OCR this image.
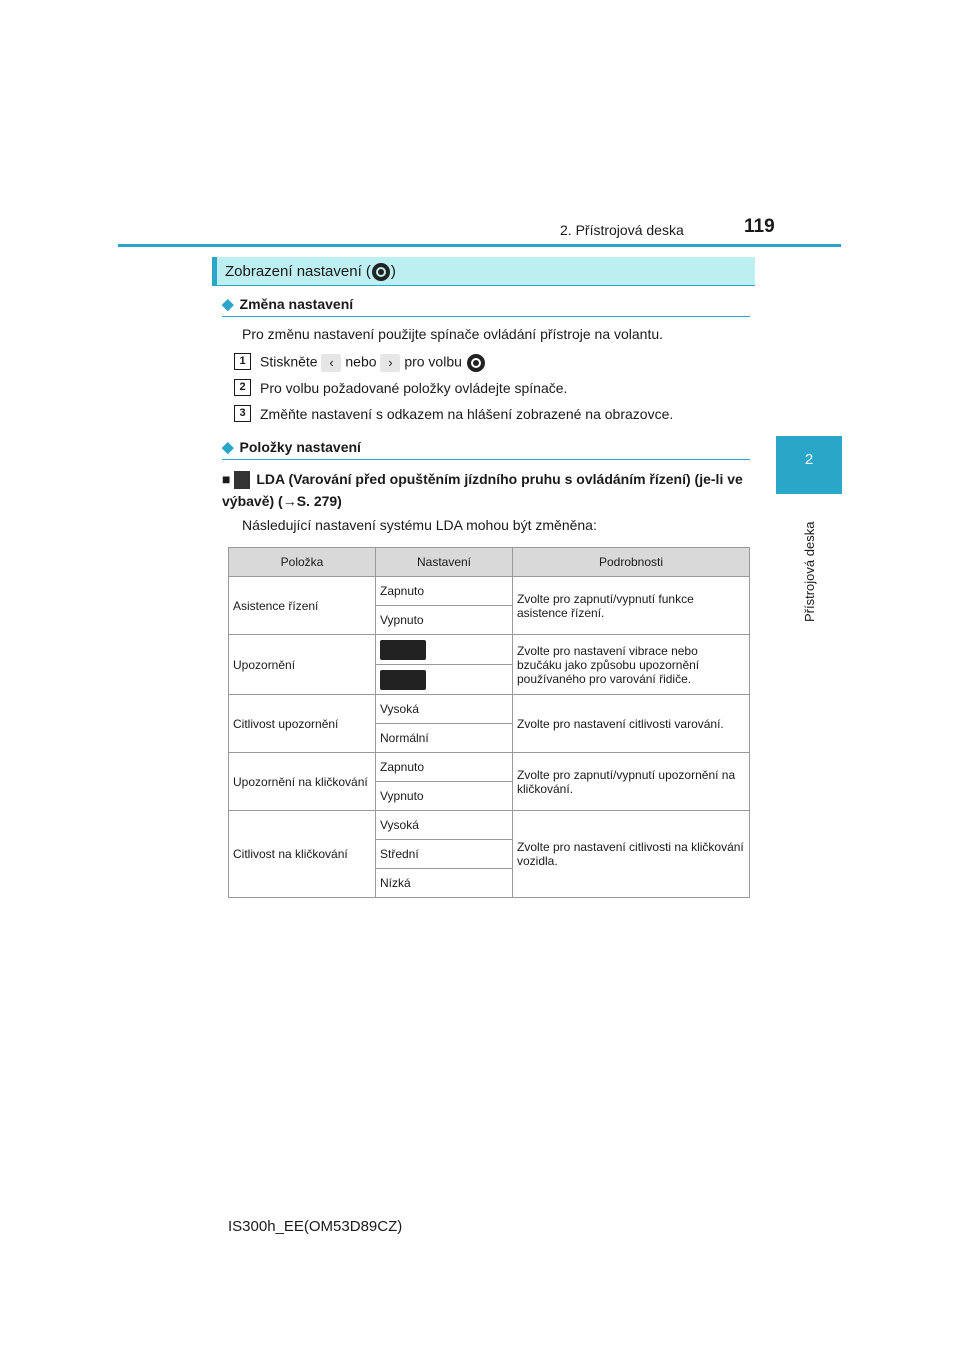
2. Přístrojová deska	119
2
Přístrojová deska
Zobrazení nastavení ( )
◆ Změna nastavení
Pro změnu nastavení použijte spínače ovládání přístroje na volantu.
1	Stiskněte ‹ nebo › pro volbu
2	Pro volbu požadované položky ovládejte spínače.
3	Změňte nastavení s odkazem na hlášení zobrazené na obrazovce.
◆ Položky nastavení
■ LDA (Varování před opuštěním jízdního pruhu s ovládáním řízení) (je-li ve výbavě) (→S. 279)
Následující nastavení systému LDA mohou být změněna:
Položka	Nastavení	Podrobnosti
Asistence řízení	Zapnuto	Zvolte pro zapnutí/vypnutí funkce asistence řízení.
	Vypnuto	
Upozornění		Zvolte pro nastavení vibrace nebo bzučáku jako způsobu upozornění používaného pro varování řidiče.

Citlivost upozornění	Vysoká	Zvolte pro nastavení citlivosti varování.
	Normální	
Upozornění na kličkování	Zapnuto	Zvolte pro zapnutí/vypnutí upozornění na kličkování.
	Vypnuto	
Citlivost na kličkování	Vysoká	Zvolte pro nastavení citlivosti na kličkování vozidla.
	Střední	
	Nízká	
IS300h_EE(OM53D89CZ)
